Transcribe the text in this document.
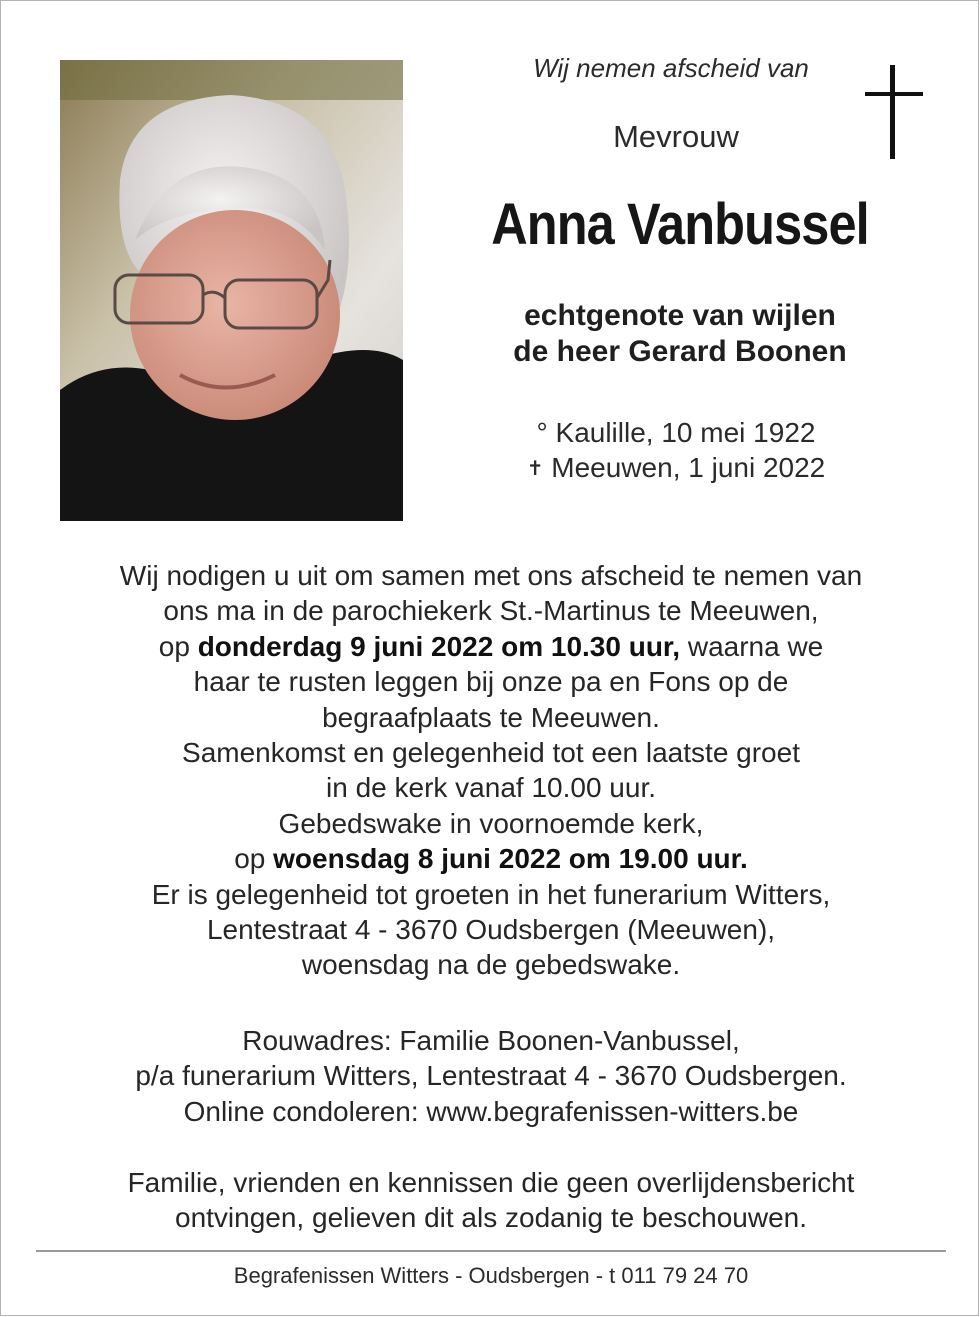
Wij nemen afscheid van
Mevrouw
Anna Vanbussel
echtgenote van wijlen
de heer Gerard Boonen
° Kaulille, 10 mei 1922
✝ Meeuwen, 1 juni 2022
Wij nodigen u uit om samen met ons afscheid te nemen van
ons ma in de parochiekerk St.-Martinus te Meeuwen,
op donderdag 9 juni 2022 om 10.30 uur, waarna we
haar te rusten leggen bij onze pa en Fons op de
begraafplaats te Meeuwen.
Samenkomst en gelegenheid tot een laatste groet
in de kerk vanaf 10.00 uur.
Gebedswake in voornoemde kerk,
op woensdag 8 juni 2022 om 19.00 uur.
Er is gelegenheid tot groeten in het funerarium Witters,
Lentestraat 4 - 3670 Oudsbergen (Meeuwen),
woensdag na de gebedswake.
Rouwadres: Familie Boonen-Vanbussel,
p/a funerarium Witters, Lentestraat 4 - 3670 Oudsbergen.
Online condoleren: www.begrafenissen-witters.be
Familie, vrienden en kennissen die geen overlijdensbericht
ontvingen, gelieven dit als zodanig te beschouwen.
Begrafenissen Witters - Oudsbergen - t 011 79 24 70
